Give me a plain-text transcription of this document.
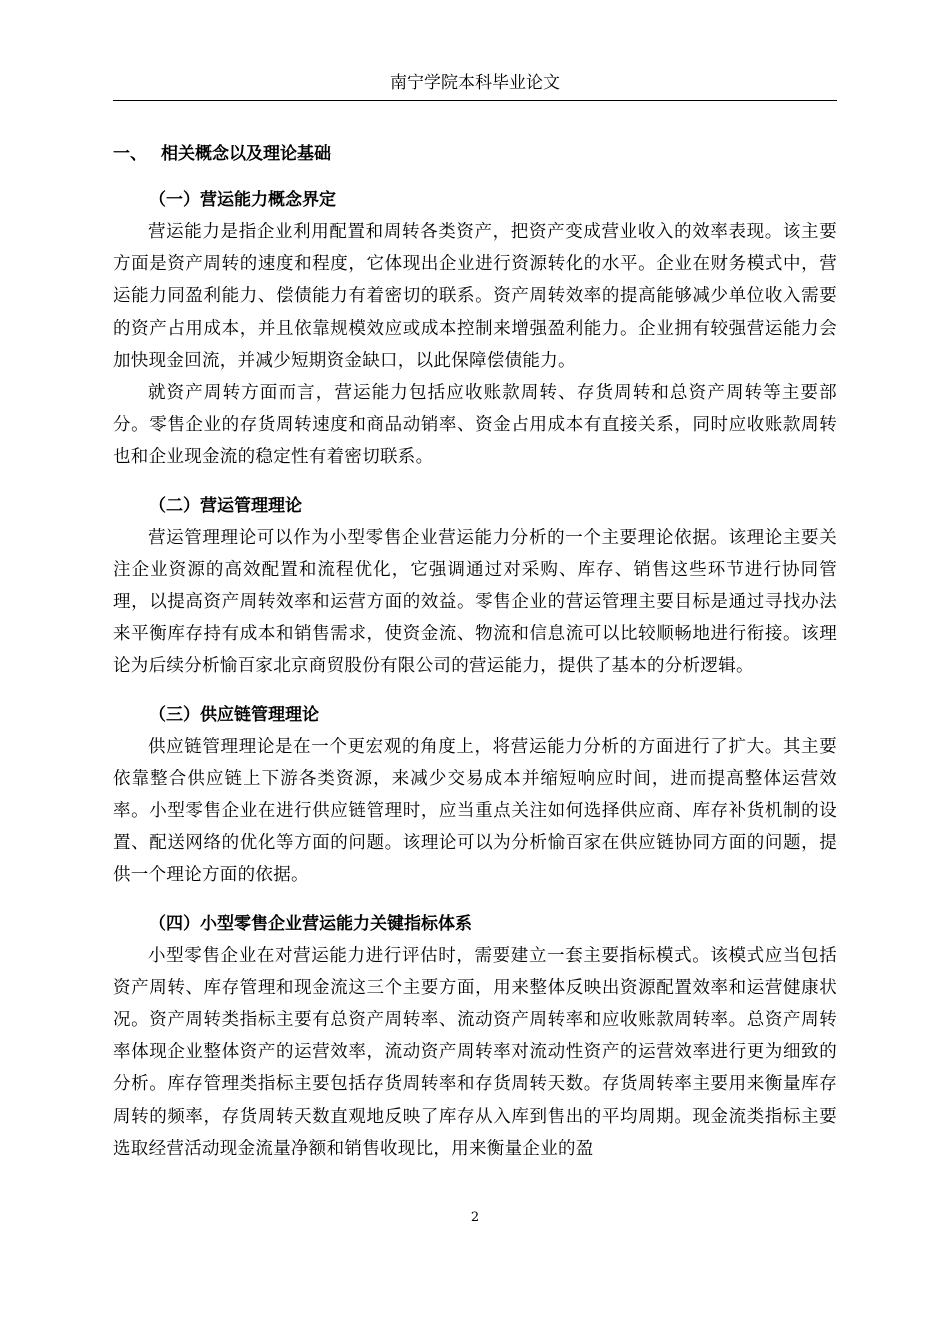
南宁学院本科毕业论文
一、 相关概念以及理论基础
（一）营运能力概念界定

营运能力是指企业利用配置和周转各类资产，把资产变成营业收入的效率表现。该主要方面是资产周转的速度和程度，它体现出企业进行资源转化的水平。企业在财务模式中，营运能力同盈利能力、偿债能力有着密切的联系。资产周转效率的提高能够减少单位收入需要的资产占用成本，并且依靠规模效应或成本控制来增强盈利能力。企业拥有较强营运能力会加快现金回流，并减少短期资金缺口，以此保障偿债能力。

就资产周转方面而言，营运能力包括应收账款周转、存货周转和总资产周转等主要部分。零售企业的存货周转速度和商品动销率、资金占用成本有直接关系，同时应收账款周转也和企业现金流的稳定性有着密切联系。

（二）营运管理理论

营运管理理论可以作为小型零售企业营运能力分析的一个主要理论依据。该理论主要关注企业资源的高效配置和流程优化，它强调通过对采购、库存、销售这些环节进行协同管理，以提高资产周转效率和运营方面的效益。零售企业的营运管理主要目标是通过寻找办法来平衡库存持有成本和销售需求，使资金流、物流和信息流可以比较顺畅地进行衔接。该理论为后续分析愉百家北京商贸股份有限公司的营运能力，提供了基本的分析逻辑。

（三）供应链管理理论

供应链管理理论是在一个更宏观的角度上，将营运能力分析的方面进行了扩大。其主要依靠整合供应链上下游各类资源，来减少交易成本并缩短响应时间，进而提高整体运营效率。小型零售企业在进行供应链管理时，应当重点关注如何选择供应商、库存补货机制的设置、配送网络的优化等方面的问题。该理论可以为分析愉百家在供应链协同方面的问题，提供一个理论方面的依据。

（四）小型零售企业营运能力关键指标体系

小型零售企业在对营运能力进行评估时，需要建立一套主要指标模式。该模式应当包括资产周转、库存管理和现金流这三个主要方面，用来整体反映出资源配置效率和运营健康状况。资产周转类指标主要有总资产周转率、流动资产周转率和应收账款周转率。总资产周转率体现企业整体资产的运营效率，流动资产周转率对流动性资产的运营效率进行更为细致的分析。库存管理类指标主要包括存货周转率和存货周转天数。存货周转率主要用来衡量库存周转的频率，存货周转天数直观地反映了库存从入库到售出的平均周期。现金流类指标主要选取经营活动现金流量净额和销售收现比，用来衡量企业的盈

2
